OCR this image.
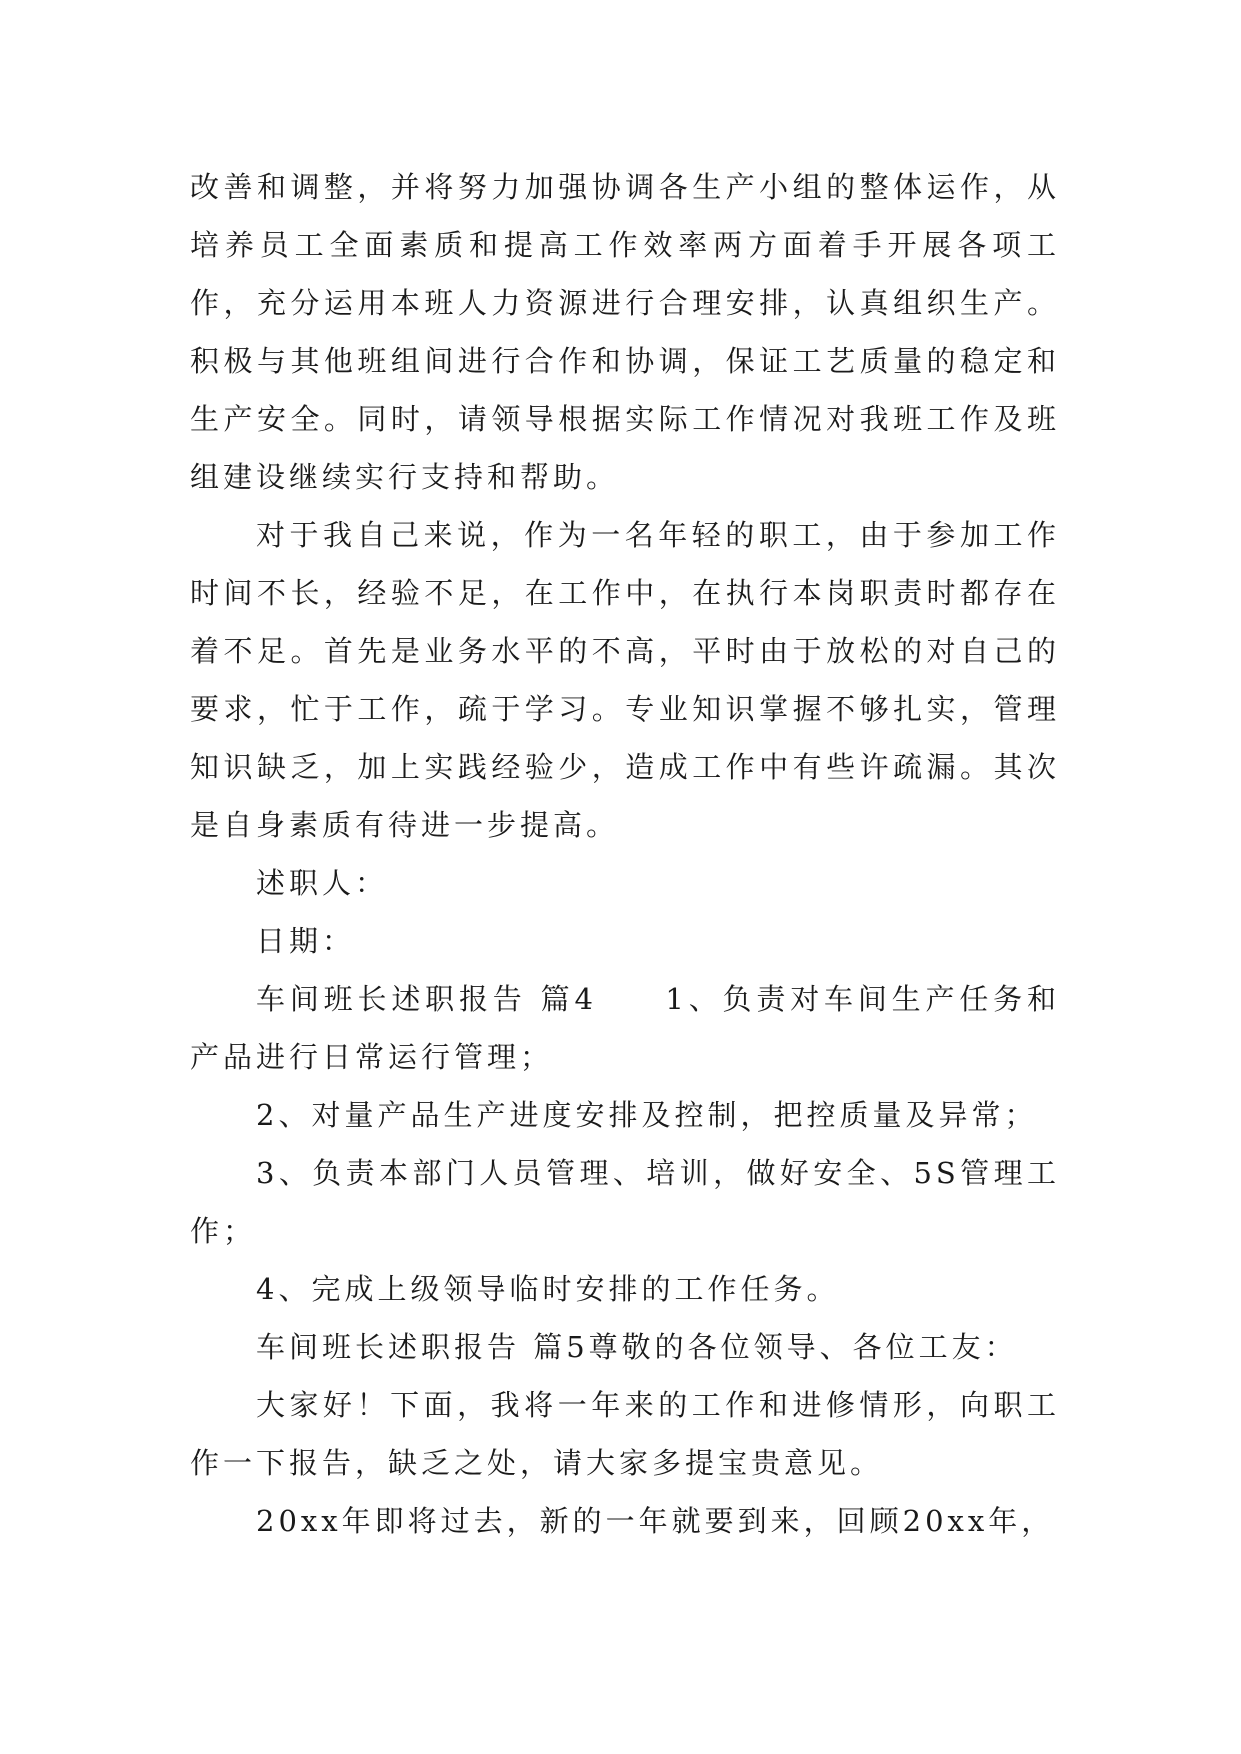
改善和调整，并将努力加强协调各生产小组的整体运作，从培养员工全面素质和提高工作效率两方面着手开展各项工作，充分运用本班人力资源进行合理安排，认真组织生产。积极与其他班组间进行合作和协调，保证工艺质量的稳定和生产安全。同时，请领导根据实际工作情况对我班工作及班组建设继续实行支持和帮助。

对于我自己来说，作为一名年轻的职工，由于参加工作时间不长，经验不足，在工作中，在执行本岗职责时都存在着不足。首先是业务水平的不高，平时由于放松的对自己的要求，忙于工作，疏于学习。专业知识掌握不够扎实，管理知识缺乏，加上实践经验少，造成工作中有些许疏漏。其次是自身素质有待进一步提高。

述职人：

日期：

车间班长述职报告 篇4　　1、负责对车间生产任务和产品进行日常运行管理；

2、对量产品生产进度安排及控制，把控质量及异常；

3、负责本部门人员管理、培训，做好安全、5S管理工作；

4、完成上级领导临时安排的工作任务。

车间班长述职报告 篇5尊敬的各位领导、各位工友：

大家好！下面，我将一年来的工作和进修情形，向职工作一下报告，缺乏之处，请大家多提宝贵意见。

20xx年即将过去，新的一年就要到来，回顾20xx年，
